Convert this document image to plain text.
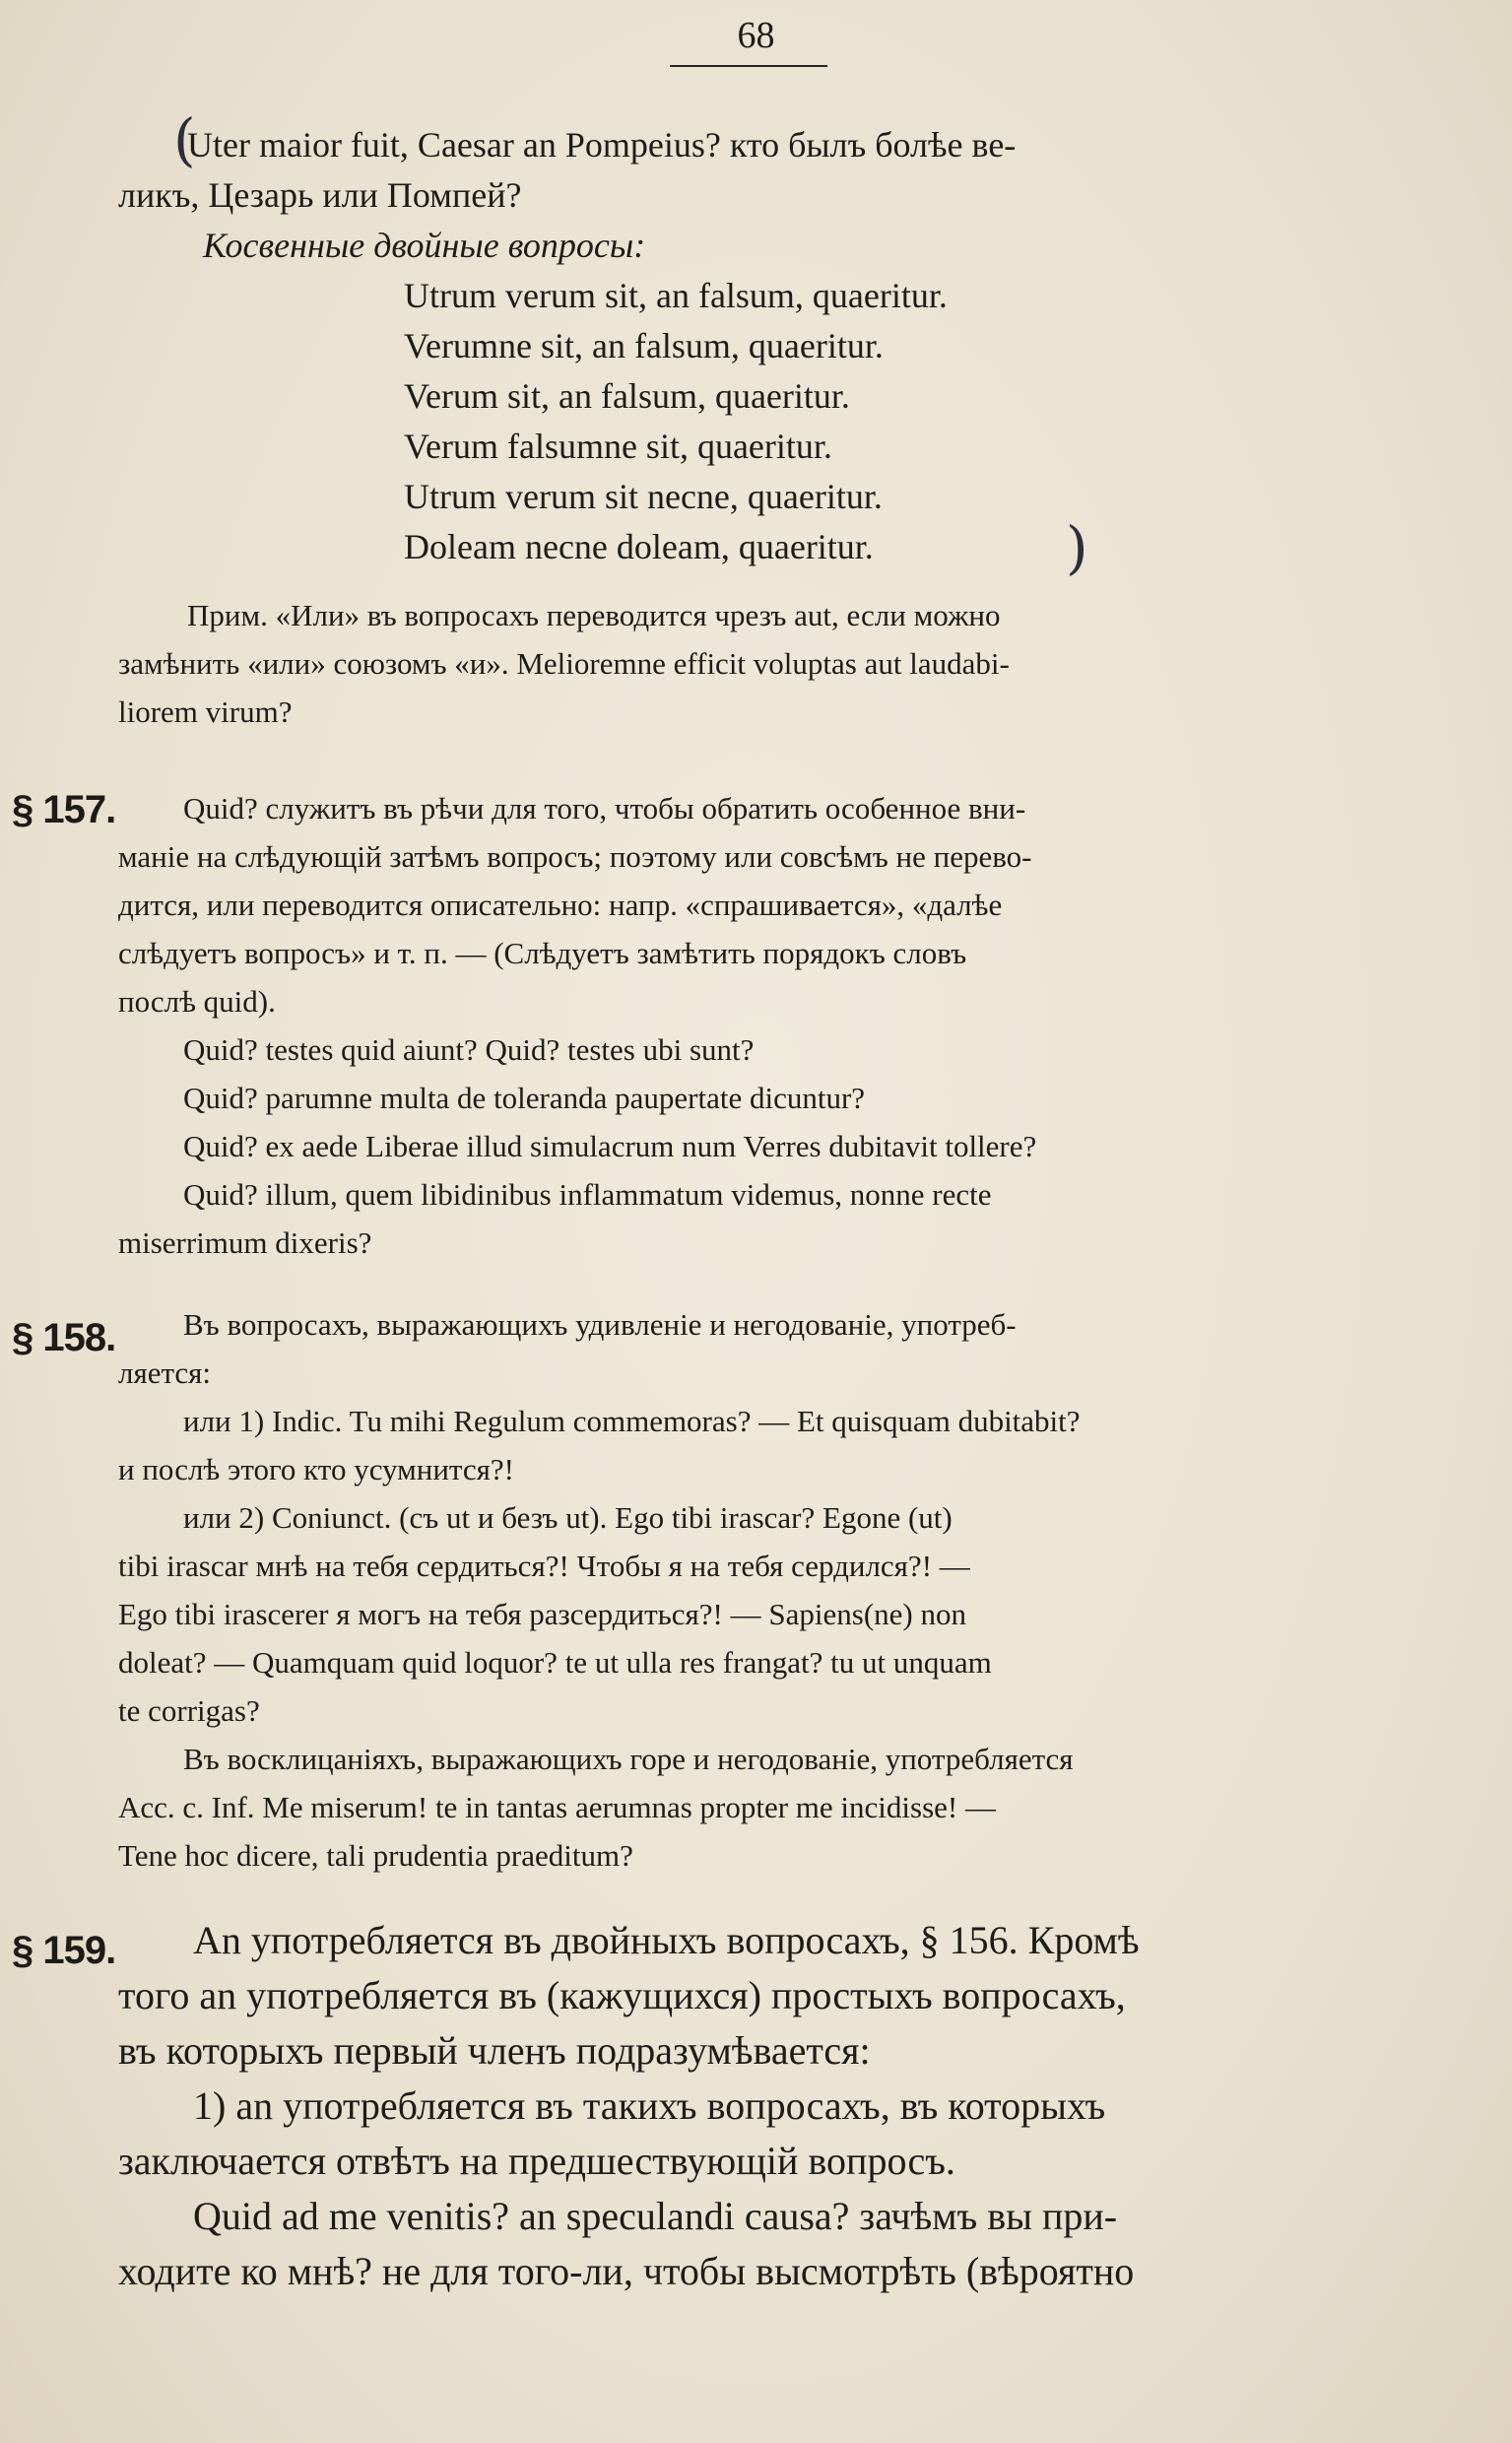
68
(
)
Uter maior fuit, Caesar an Pompeius? кто былъ болѣе ве-
ликъ, Цезарь или Помпей?
Косвенные двойные вопросы:
Utrum verum sit, an falsum, quaeritur.
Verumne sit, an falsum, quaeritur.
Verum sit, an falsum, quaeritur.
Verum falsumne sit, quaeritur.
Utrum verum sit necne, quaeritur.
Doleam necne doleam, quaeritur.
Прим. «Или» въ вопросахъ переводится чрезъ aut, если можно
замѣнить «или» союзомъ «и». Melioremne efficit voluptas aut laudabi-
liorem virum?
§ 157.	Quid? служитъ въ рѣчи для того, чтобы обратить особенное вни-
маніе на слѣдующій затѣмъ вопросъ; поэтому или совсѣмъ не перево-
дится, или переводится описательно: напр. «спрашивается», «далѣе
слѣдуетъ вопросъ» и т. п. — (Слѣдуетъ замѣтить порядокъ словъ
послѣ quid).
Quid? testes quid aiunt? Quid? testes ubi sunt?
Quid? parumne multa de toleranda paupertate dicuntur?
Quid? ex aede Liberae illud simulacrum num Verres dubitavit tollere?
Quid? illum, quem libidinibus inflammatum videmus, nonne recte
miserrimum dixeris?
§ 158.	Въ вопросахъ, выражающихъ удивленіе и негодованіе, употреб-
ляется:
или 1) Indic. Tu mihi Regulum commemoras? — Et quisquam dubitabit?
и послѣ этого кто усумнится?!
или 2) Coniunct. (съ ut и безъ ut). Ego tibi irascar? Egone (ut)
tibi irascar мнѣ на тебя сердиться?! Чтобы я на тебя сердился?! —
Ego tibi irascerer я могъ на тебя разсердиться?! — Sapiens(ne) non
doleat? — Quamquam quid loquor? te ut ulla res frangat? tu ut unquam
te corrigas?
Въ восклицаніяхъ, выражающихъ горе и негодованіе, употребляется
Acc. c. Inf. Me miserum! te in tantas aerumnas propter me incidisse! —
Tene hoc dicere, tali prudentia praeditum?
§ 159.	An употребляется въ двойныхъ вопросахъ, § 156. Кромѣ
того an употребляется въ (кажущихся) простыхъ вопросахъ,
въ которыхъ первый членъ подразумѣвается:
1) an употребляется въ такихъ вопросахъ, въ которыхъ
заключается отвѣтъ на предшествующій вопросъ.
Quid ad me venitis? an speculandi causa? зачѣмъ вы при-
ходите ко мнѣ? не для того-ли, чтобы высмотрѣть (вѣроятно
